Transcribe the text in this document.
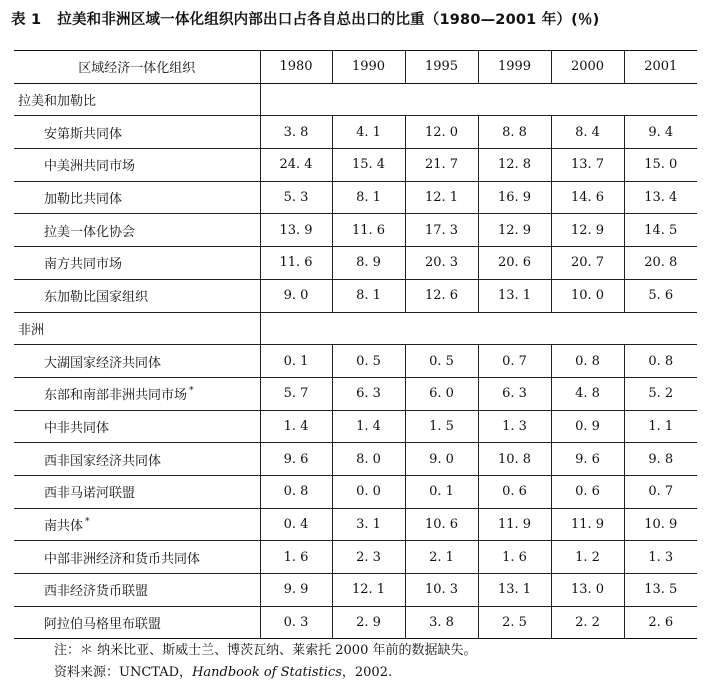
表 1 拉美和非洲区域一体化组织内部出口占各自总出口的比重（1980—2001 年）(％)
区域经济一体化组织	1980	1990	1995	1999	2000	2001
拉美和加勒比						
安第斯共同体	3. 8	4. 1	12. 0	8. 8	8. 4	9. 4
中美洲共同市场	24. 4	15. 4	21. 7	12. 8	13. 7	15. 0
加勒比共同体	5. 3	8. 1	12. 1	16. 9	14. 6	13. 4
拉美一体化协会	13. 9	11. 6	17. 3	12. 9	12. 9	14. 5
南方共同市场	11. 6	8. 9	20. 3	20. 6	20. 7	20. 8
东加勒比国家组织	9. 0	8. 1	12. 6	13. 1	10. 0	5. 6
非洲						
大湖国家经济共同体	0. 1	0. 5	0. 5	0. 7	0. 8	0. 8
东部和南部非洲共同市场 *	5. 7	6. 3	6. 0	6. 3	4. 8	5. 2
中非共同体	1. 4	1. 4	1. 5	1. 3	0. 9	1. 1
西非国家经济共同体	9. 6	8. 0	9. 0	10. 8	9. 6	9. 8
西非马诺河联盟	0. 8	0. 0	0. 1	0. 6	0. 6	0. 7
南共体 *	0. 4	3. 1	10. 6	11. 9	11. 9	10. 9
中部非洲经济和货币共同体	1. 6	2. 3	2. 1	1. 6	1. 2	1. 3
西非经济货币联盟	9. 9	12. 1	10. 3	13. 1	13. 0	13. 5
阿拉伯马格里布联盟	0. 3	2. 9	3. 8	2. 5	2. 2	2. 6
注：＊ 纳米比亚、斯威士兰、博茨瓦纳、莱索托 2000 年前的数据缺失。
资料来源：UNCTAD，Handbook of Statistics，2002.
